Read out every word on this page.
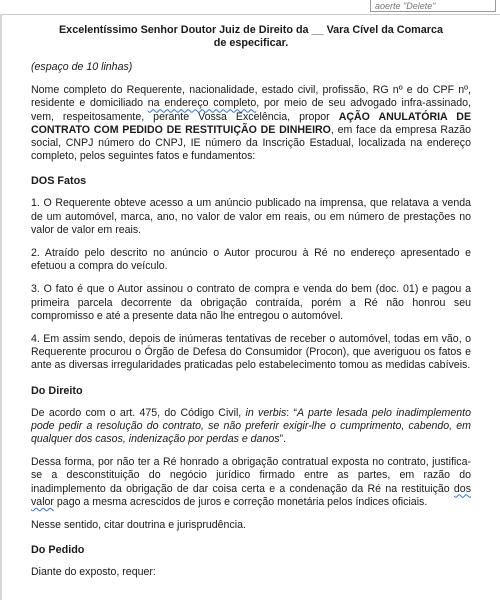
aoerte "Delete"
Excelentíssimo Senhor Doutor Juiz de Direito da __ Vara Cível da Comarca
de especificar.

(espaço de 10 linhas)

Nome completo do Requerente, nacionalidade, estado civil, profissão, RG nº e do CPF nº, residente e domiciliado na endereço completo, por meio de seu advogado infra-assinado, vem, respeitosamente, perante Vossa Excelência, propor AÇÃO ANULATÓRIA DE CONTRATO COM PEDIDO DE RESTITUIÇÃO DE DINHEIRO, em face da empresa Razão social, CNPJ número do CNPJ, IE número da Inscrição Estadual, localizada na endereço completo, pelos seguintes fatos e fundamentos:

DOS Fatos

1. O Requerente obteve acesso a um anúncio publicado na imprensa, que relatava a venda de um automóvel, marca, ano, no valor de valor em reais, ou em número de prestações no valor de valor em reais.

2. Atraído pelo descrito no anúncio o Autor procurou à Ré no endereço apresentado e efetuou a compra do veículo.

3. O fato é que o Autor assinou o contrato de compra e venda do bem (doc. 01) e pagou a primeira parcela decorrente da obrigação contraída, porém a Ré não honrou seu compromisso e até a presente data não lhe entregou o automóvel.

4. Em assim sendo, depois de inúmeras tentativas de receber o automóvel, todas em vão, o Requerente procurou o Órgão de Defesa do Consumidor (Procon), que averiguou os fatos e ante as diversas irregularidades praticadas pelo estabelecimento tomou as medidas cabíveis.

Do Direito

De acordo com o art. 475, do Código Civil, in verbis: “A parte lesada pelo inadimplemento pode pedir a resolução do contrato, se não preferir exigir-lhe o cumprimento, cabendo, em qualquer dos casos, indenização por perdas e danos”.

Dessa forma, por não ter a Ré honrado a obrigação contratual exposta no contrato, justifica-se a desconstituição do negócio jurídico firmado entre as partes, em razão do inadimplemento da obrigação de dar coisa certa e a condenação da Ré na restituição dos valor pago a mesma acrescidos de juros e correção monetária pelos índices oficiais.

Nesse sentido, citar doutrina e jurisprudência.

Do Pedido

Diante do exposto, requer:
